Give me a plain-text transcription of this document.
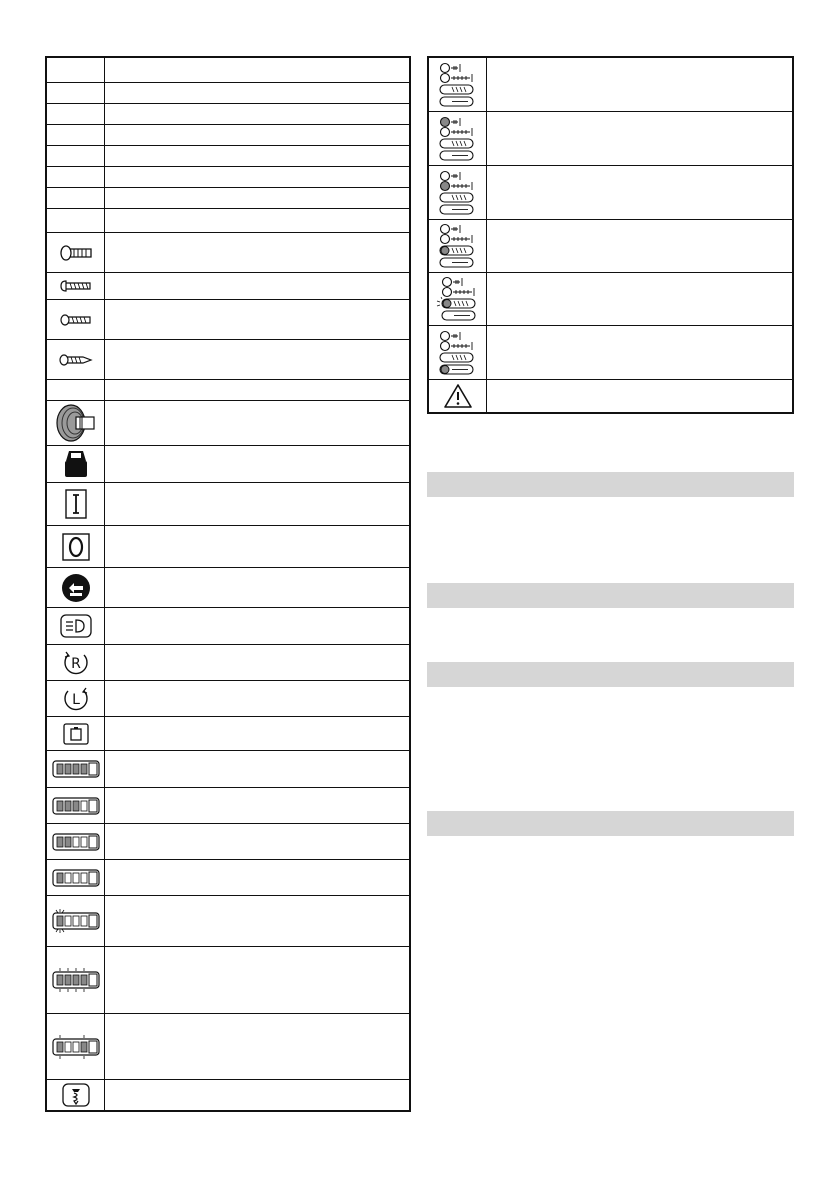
R
L
